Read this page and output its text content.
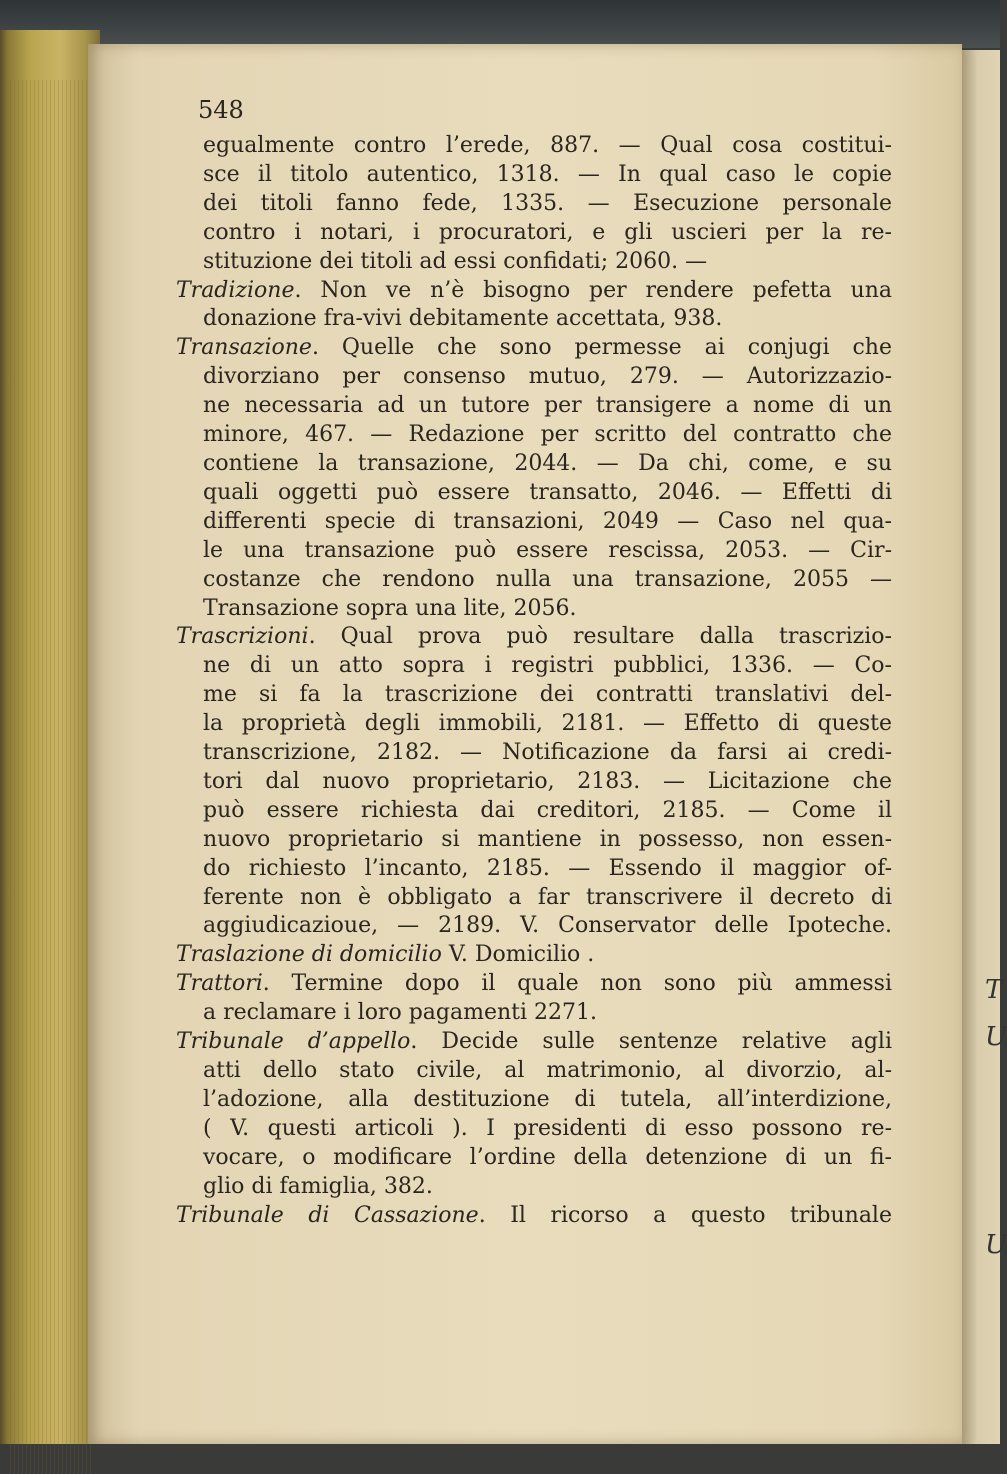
T
U
U
548
egualmente contro l’erede, 887. — Qual cosa costitui-
sce il titolo autentico, 1318. — In qual caso le copie
dei titoli fanno fede, 1335. — Esecuzione personale
contro i notari, i procuratori, e gli uscieri per la re-
stituzione dei titoli ad essi confidati; 2060. —
Tradizione. Non ve n’è bisogno per rendere pefetta una
donazione fra-vivi debitamente accettata, 938.
Transazione. Quelle che sono permesse ai conjugi che
divorziano per consenso mutuo, 279. — Autorizzazio-
ne necessaria ad un tutore per transigere a nome di un
minore, 467. — Redazione per scritto del contratto che
contiene la transazione, 2044. — Da chi, come, e su
quali oggetti può essere transatto, 2046. — Effetti di
differenti specie di transazioni, 2049 — Caso nel qua-
le una transazione può essere rescissa, 2053. — Cir-
costanze che rendono nulla una transazione, 2055 —
Transazione sopra una lite, 2056.
Trascrizioni. Qual prova può resultare dalla trascrizio-
ne di un atto sopra i registri pubblici, 1336. — Co-
me si fa la trascrizione dei contratti translativi del-
la proprietà degli immobili, 2181. — Effetto di queste
transcrizione, 2182. — Notificazione da farsi ai credi-
tori dal nuovo proprietario, 2183. — Licitazione che
può essere richiesta dai creditori, 2185. — Come il
nuovo proprietario si mantiene in possesso, non essen-
do richiesto l’incanto, 2185. — Essendo il maggior of-
ferente non è obbligato a far transcrivere il decreto di
aggiudicazioue, — 2189. V. Conservator delle Ipoteche.
Traslazione di domicilio V. Domicilio .
Trattori. Termine dopo il quale non sono più ammessi
a reclamare i loro pagamenti 2271.
Tribunale d’appello. Decide sulle sentenze relative agli
atti dello stato civile, al matrimonio, al divorzio, al-
l’adozione, alla destituzione di tutela, all’interdizione,
( V. questi articoli ). I presidenti di esso possono re-
vocare, o modificare l’ordine della detenzione di un fi-
glio di famiglia, 382.
Tribunale di Cassazione. Il ricorso a questo tribunale
